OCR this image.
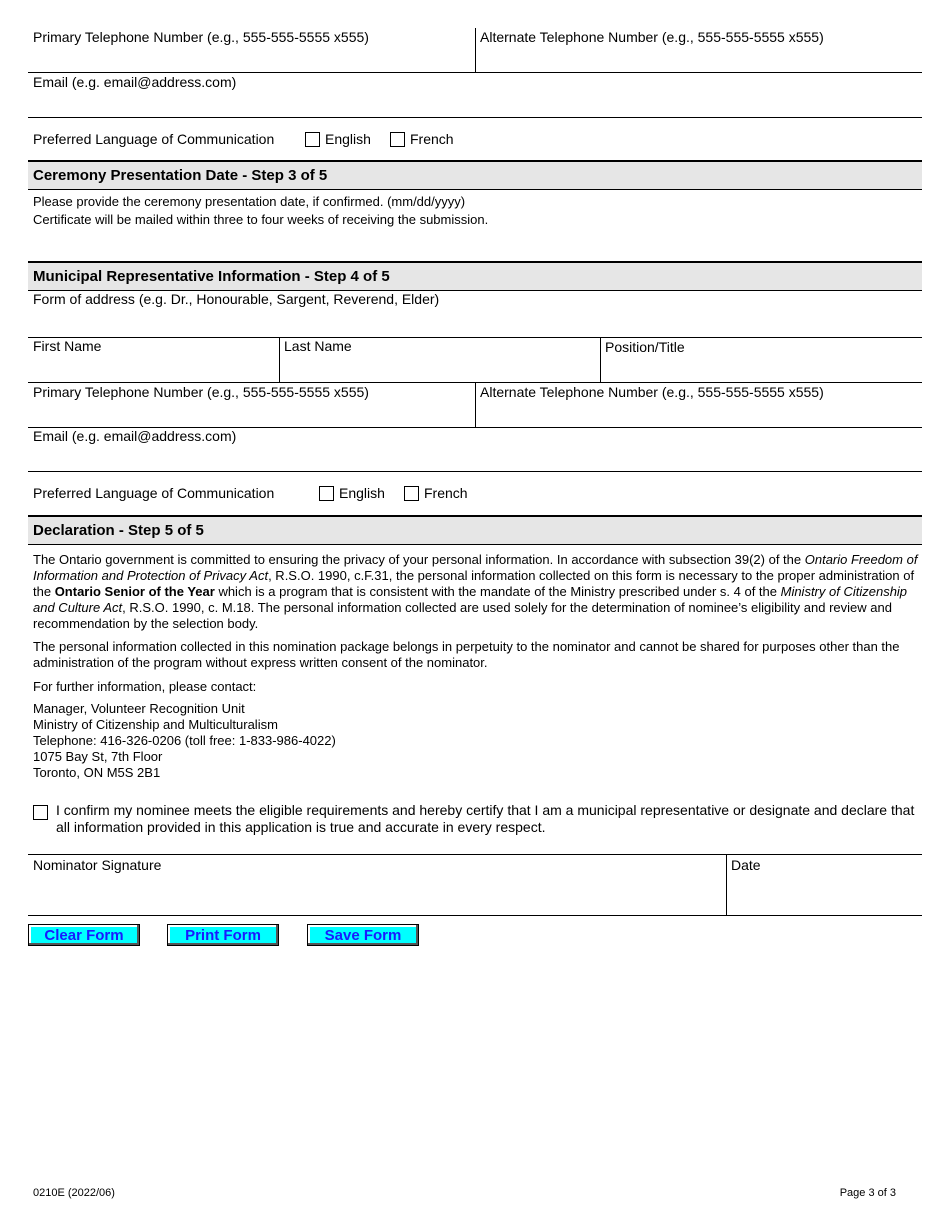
Primary Telephone Number (e.g., 555-555-5555 x555)	Alternate Telephone Number (e.g., 555-555-5555 x555)
Email (e.g. email@address.com)
Preferred Language of Communication	English	French
Ceremony Presentation Date - Step 3 of 5
Please provide the ceremony presentation date, if confirmed. (mm/dd/yyyy)
Certificate will be mailed within three to four weeks of receiving the submission.
Municipal Representative Information - Step 4 of 5
Form of address (e.g. Dr., Honourable, Sargent, Reverend, Elder)
First Name	Last Name	Position/Title
Primary Telephone Number (e.g., 555-555-5555 x555)	Alternate Telephone Number (e.g., 555-555-5555 x555)
Email (e.g. email@address.com)
Preferred Language of Communication	English	French
Declaration - Step 5 of 5
The Ontario government is committed to ensuring the privacy of your personal information. In accordance with subsection 39(2) of the Ontario Freedom of Information and Protection of Privacy Act, R.S.O. 1990, c.F.31, the personal information collected on this form is necessary to the proper administration of the Ontario Senior of the Year which is a program that is consistent with the mandate of the Ministry prescribed under s. 4 of the Ministry of Citizenship and Culture Act, R.S.O. 1990, c. M.18. The personal information collected are used solely for the determination of nominee’s eligibility and review and recommendation by the selection body.
The personal information collected in this nomination package belongs in perpetuity to the nominator and cannot be shared for purposes other than the administration of the program without express written consent of the nominator.
For further information, please contact:
Manager, Volunteer Recognition Unit
Ministry of Citizenship and Multiculturalism
Telephone: 416-326-0206 (toll free: 1-833-986-4022)
1075 Bay St, 7th Floor
Toronto, ON M5S 2B1
I confirm my nominee meets the eligible requirements and hereby certify that I am a municipal representative or designate and declare that all information provided in this application is true and accurate in every respect.
Nominator Signature	Date
Clear Form	Print Form	Save Form
0210E (2022/06)	Page 3 of 3
